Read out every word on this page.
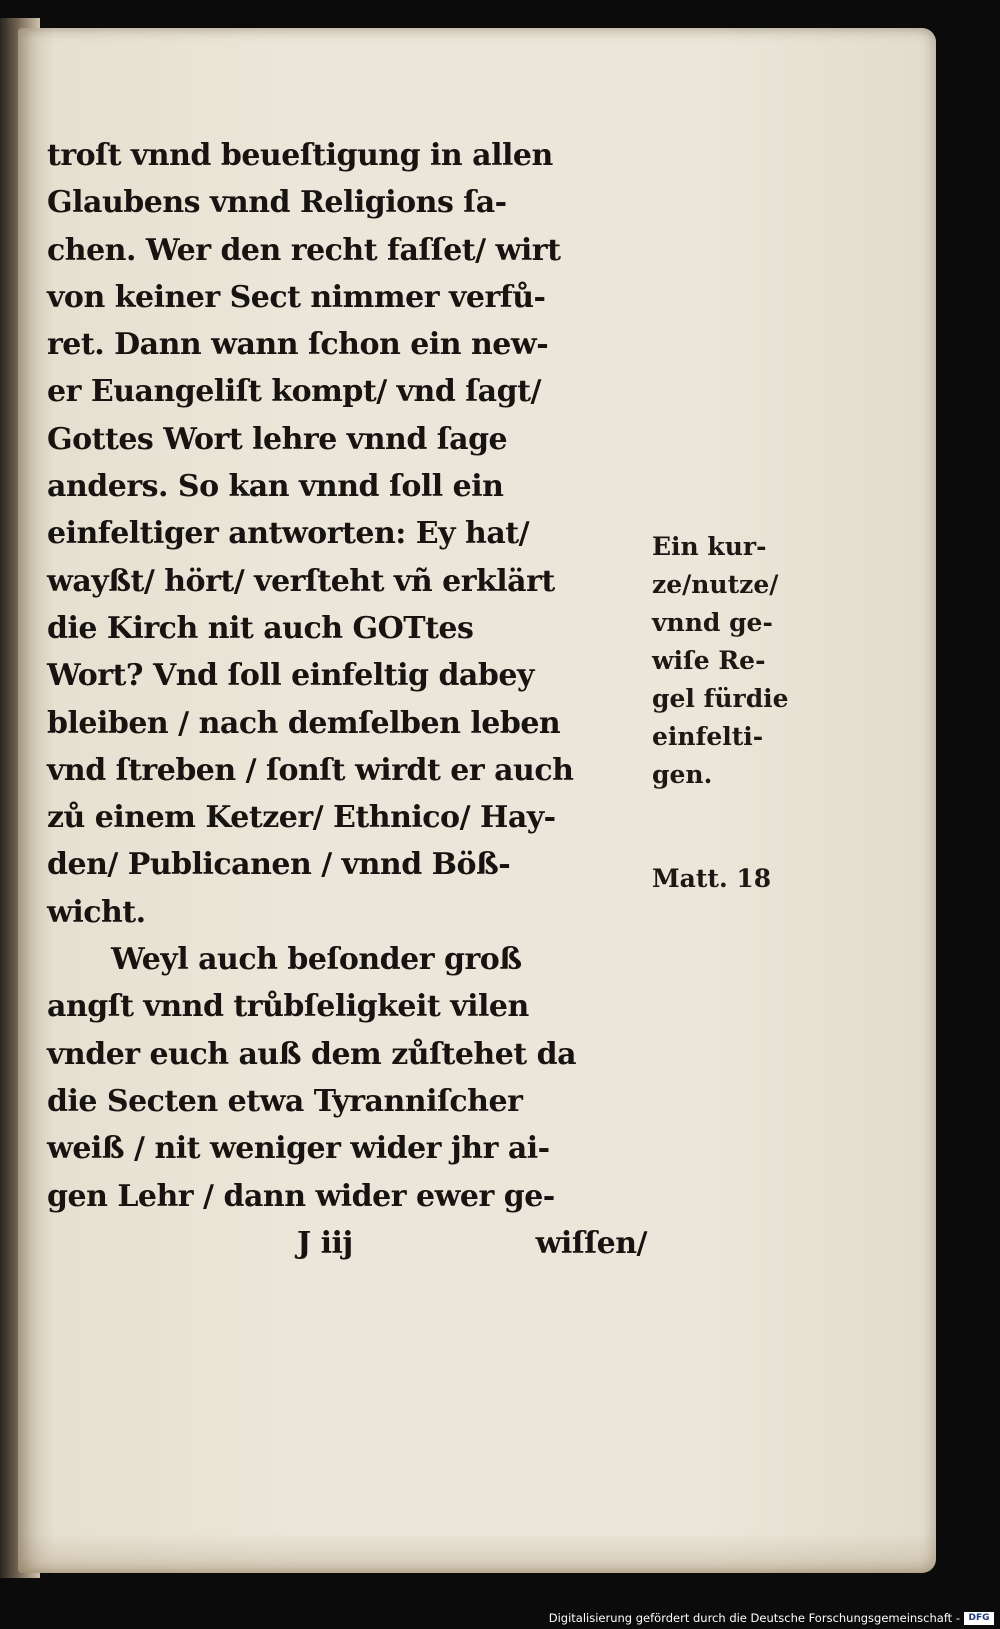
troſt vnnd beueſtigung in allen
Glaubens vnnd Religions ſa-
chen. Wer den recht faſſet/ wirt
von keiner Sect nimmer verfů-
ret. Dann wann ſchon ein new-
er Euangeliſt kompt/ vnd ſagt/
Gottes Wort lehre vnnd ſage
anders. So kan vnnd ſoll ein
einfeltiger antworten: Ey hat/
wayßt/ hört/ verſteht vñ erklärt
die Kirch nit auch GOTtes
Wort? Vnd ſoll einfeltig dabey
bleiben / nach demſelben leben
vnd ſtreben / ſonſt wirdt er auch
zů einem Ketzer/ Ethnico/ Hay-
den/ Publicanen / vnnd Böß-
wicht.
Weyl auch beſonder groß
angſt vnnd trůbſeligkeit vilen
vnder euch auß dem zůſtehet da
die Secten etwa Tyranniſcher
weiß / nit weniger wider jhr ai-
gen Lehr / dann wider ewer ge-
J iij	wiſſen/
Ein kur-
ze/nutze/
vnnd ge-
wiſe Re-
gel fürdie
einfelti-
gen.
Matt. 18
Digitalisierung gefördert durch die Deutsche Forschungsgemeinschaft - DFG
